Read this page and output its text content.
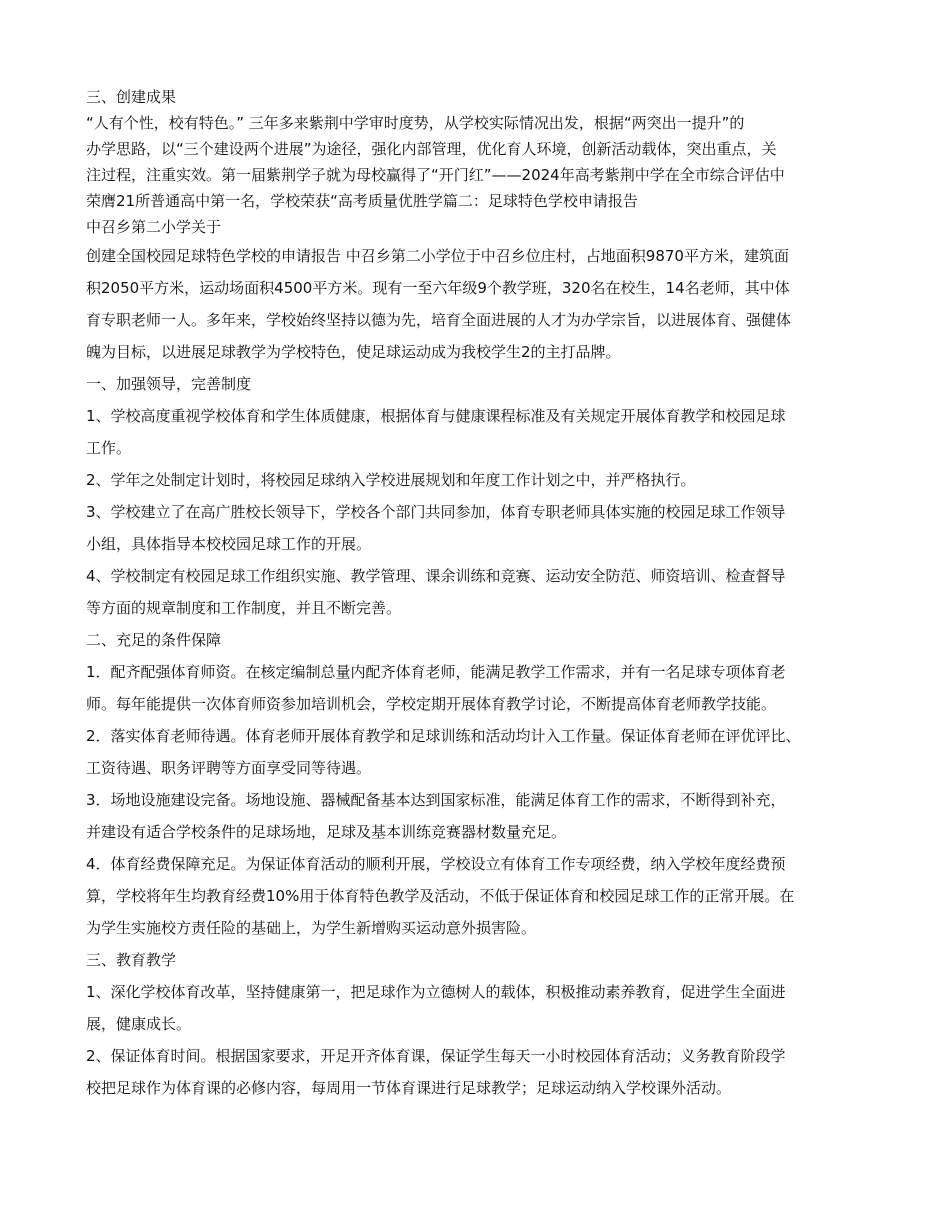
三、创建成果
“人有个性，校有特色。” 三年多来紫荆中学审时度势，从学校实际情况出发，根据“两突出一提升”的
办学思路，以“三个建设两个进展”为途径，强化内部管理，优化育人环境，创新活动载体，突出重点，关
注过程，注重实效。第一届紫荆学子就为母校赢得了“开门红”——2024年高考紫荆中学在全市综合评估中
荣膺21所普通高中第一名，学校荣获“高考质量优胜学篇二：足球特色学校申请报告
中召乡第二小学关于
创建全国校园足球特色学校的申请报告 中召乡第二小学位于中召乡位庄村，占地面积9870平方米，建筑面
积2050平方米，运动场面积4500平方米。现有一至六年级9个教学班，320名在校生，14名老师，其中体
育专职老师一人。多年来，学校始终坚持以德为先，培育全面进展的人才为办学宗旨，以进展体育、强健体
魄为目标，以进展足球教学为学校特色，使足球运动成为我校学生2的主打品牌。
一、加强领导，完善制度
1、学校高度重视学校体育和学生体质健康，根据体育与健康课程标准及有关规定开展体育教学和校园足球
工作。
2、学年之处制定计划时，将校园足球纳入学校进展规划和年度工作计划之中，并严格执行。
3、学校建立了在高广胜校长领导下，学校各个部门共同参加，体育专职老师具体实施的校园足球工作领导
小组，具体指导本校校园足球工作的开展。
4、学校制定有校园足球工作组织实施、教学管理、课余训练和竞赛、运动安全防范、师资培训、检查督导
等方面的规章制度和工作制度，并且不断完善。
二、充足的条件保障
1．配齐配强体育师资。在核定编制总量内配齐体育老师，能满足教学工作需求，并有一名足球专项体育老
师。每年能提供一次体育师资参加培训机会，学校定期开展体育教学讨论，不断提高体育老师教学技能。
2．落实体育老师待遇。体育老师开展体育教学和足球训练和活动均计入工作量。保证体育老师在评优评比、
工资待遇、职务评聘等方面享受同等待遇。
3．场地设施建设完备。场地设施、器械配备基本达到国家标准，能满足体育工作的需求，不断得到补充，
并建设有适合学校条件的足球场地，足球及基本训练竞赛器材数量充足。
4．体育经费保障充足。为保证体育活动的顺利开展，学校设立有体育工作专项经费，纳入学校年度经费预
算，学校将年生均教育经费10%用于体育特色教学及活动，不低于保证体育和校园足球工作的正常开展。在
为学生实施校方责任险的基础上，为学生新增购买运动意外损害险。
三、教育教学
1、深化学校体育改革，坚持健康第一，把足球作为立德树人的载体，积极推动素养教育，促进学生全面进
展，健康成长。
2、保证体育时间。根据国家要求，开足开齐体育课，保证学生每天一小时校园体育活动；义务教育阶段学
校把足球作为体育课的必修内容，每周用一节体育课进行足球教学；足球运动纳入学校课外活动。
